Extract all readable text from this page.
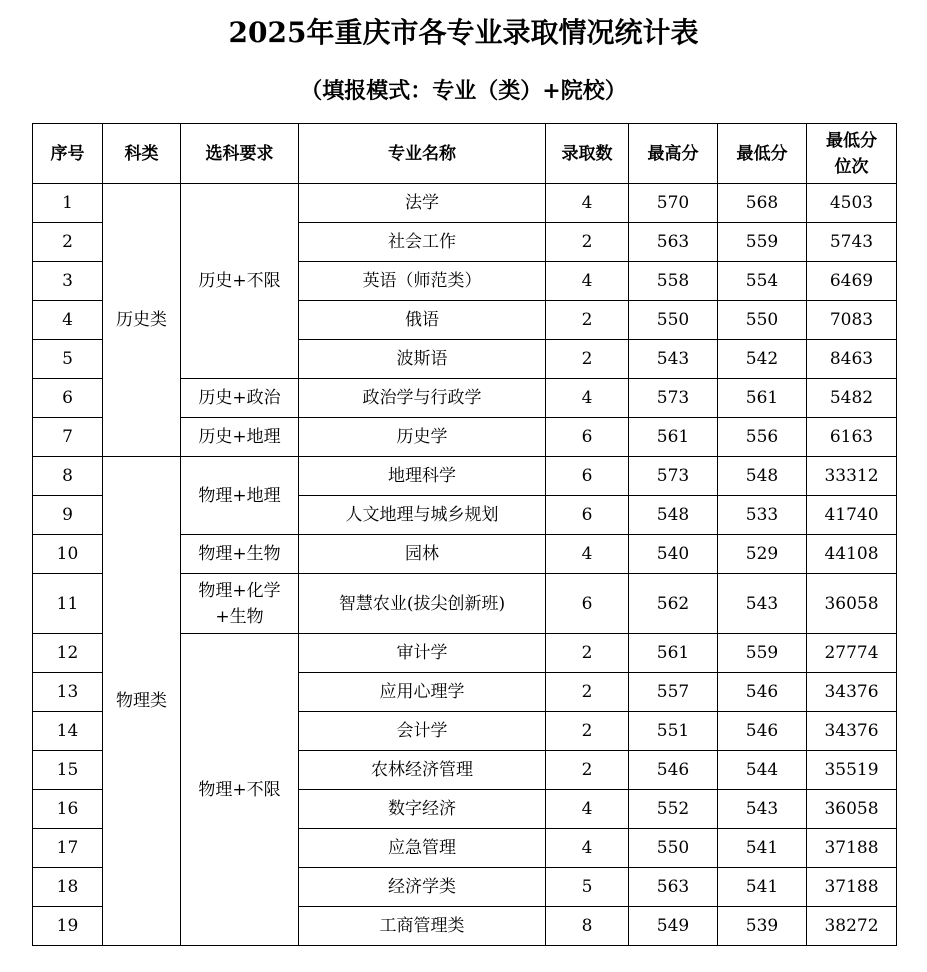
2025年重庆市各专业录取情况统计表
（填报模式：专业（类）+院校）
序号	科类	选科要求	专业名称	录取数	最高分	最低分	最低分位次
1	历史类	历史+不限	法学	4	570	568	4503
2			社会工作	2	563	559	5743
3			英语（师范类）	4	558	554	6469
4			俄语	2	550	550	7083
5			波斯语	2	543	542	8463
6		历史+政治	政治学与行政学	4	573	561	5482
7		历史+地理	历史学	6	561	556	6163
8	物理类	物理+地理	地理科学	6	573	548	33312
9			人文地理与城乡规划	6	548	533	41740
10		物理+生物	园林	4	540	529	44108
11		物理+化学+生物	智慧农业(拔尖创新班)	6	562	543	36058
12		物理+不限	审计学	2	561	559	27774
13			应用心理学	2	557	546	34376
14			会计学	2	551	546	34376
15			农林经济管理	2	546	544	35519
16			数字经济	4	552	543	36058
17			应急管理	4	550	541	37188
18			经济学类	5	563	541	37188
19			工商管理类	8	549	539	38272
